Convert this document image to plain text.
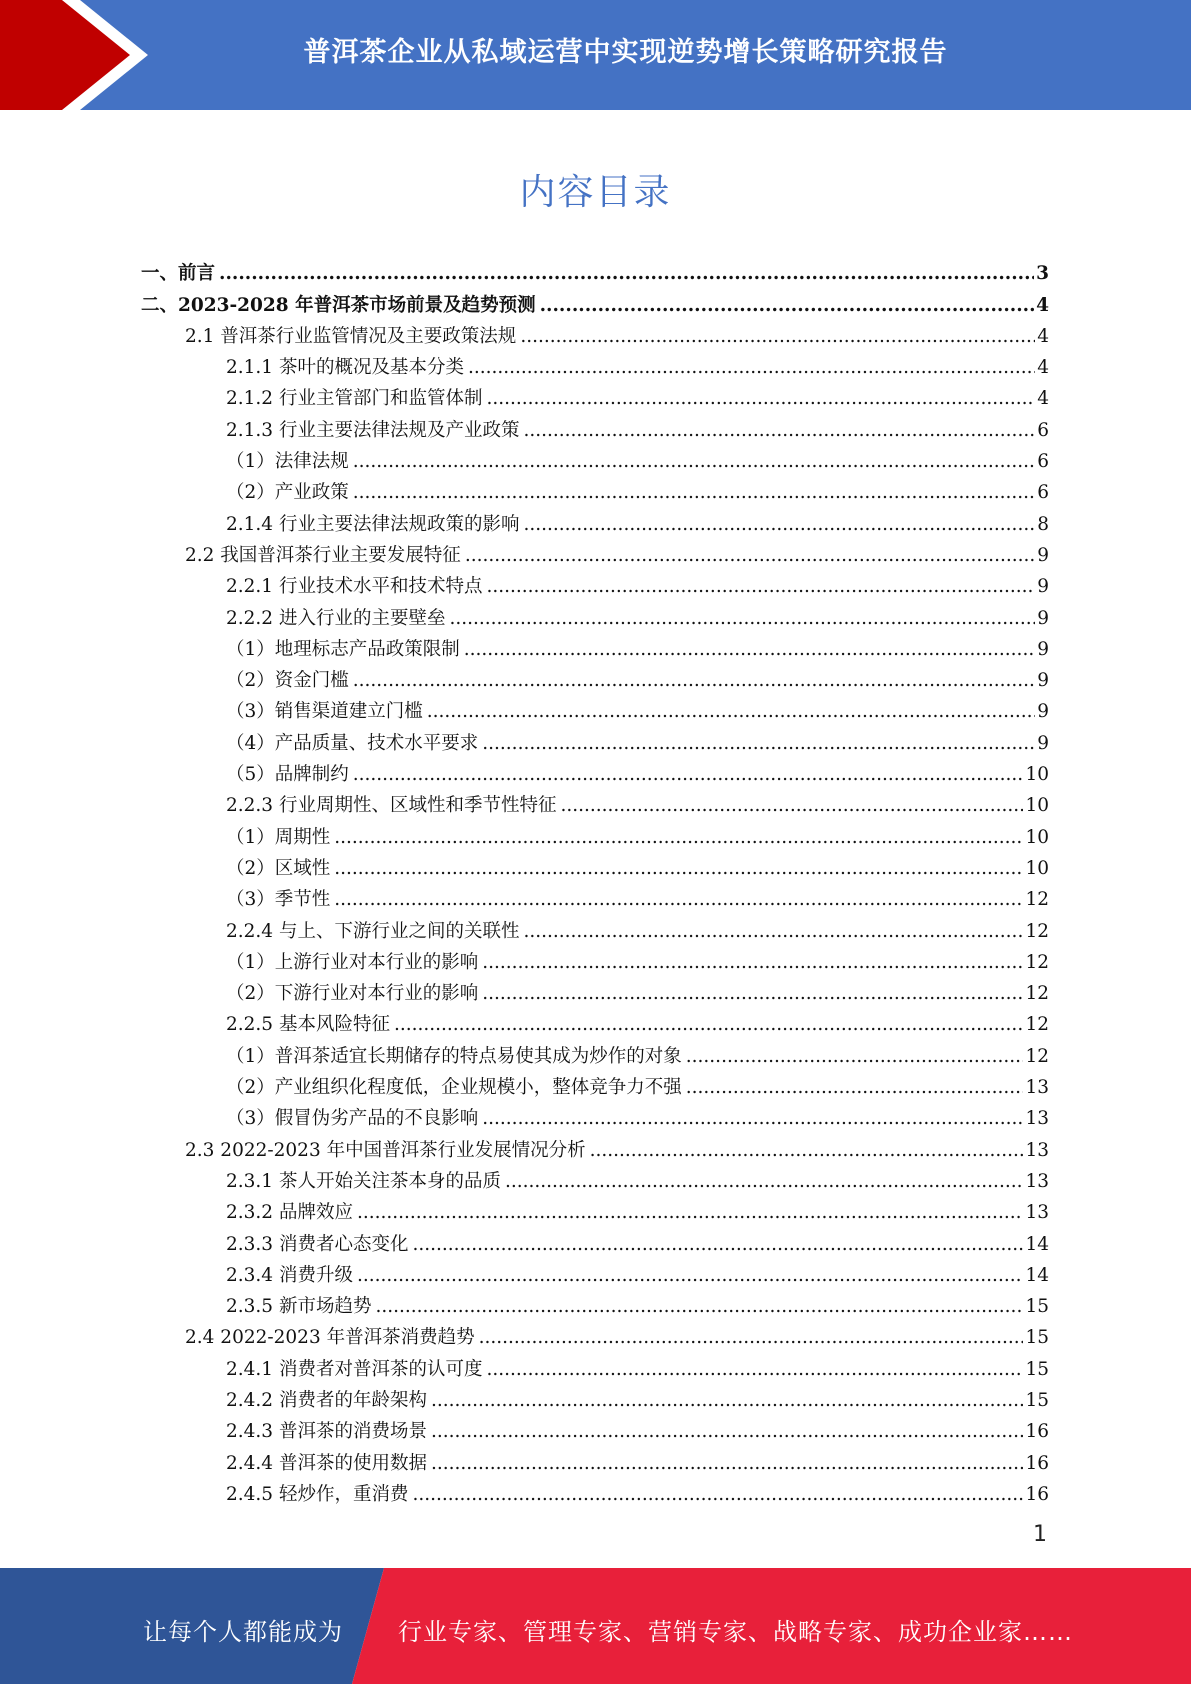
普洱茶企业从私域运营中实现逆势增长策略研究报告
内容目录
一、前言 .....	3
二、2023-2028 年普洱茶市场前景及趋势预测 .....	4
2.1 普洱茶行业监管情况及主要政策法规 .....	4
2.1.1 茶叶的概况及基本分类 .....	4
2.1.2 行业主管部门和监管体制 .....	4
2.1.3 行业主要法律法规及产业政策 .....	6
（1）法律法规 .....	6
（2）产业政策 .....	6
2.1.4 行业主要法律法规政策的影响 .....	8
2.2 我国普洱茶行业主要发展特征 .....	9
2.2.1 行业技术水平和技术特点 .....	9
2.2.2 进入行业的主要壁垒 .....	9
（1）地理标志产品政策限制 .....	9
（2）资金门槛 .....	9
（3）销售渠道建立门槛 .....	9
（4）产品质量、技术水平要求 .....	9
（5）品牌制约 .....	10
2.2.3 行业周期性、区域性和季节性特征 .....	10
（1）周期性 .....	10
（2）区域性 .....	10
（3）季节性 .....	12
2.2.4 与上、下游行业之间的关联性 .....	12
（1）上游行业对本行业的影响 .....	12
（2）下游行业对本行业的影响 .....	12
2.2.5 基本风险特征 .....	12
（1）普洱茶适宜长期储存的特点易使其成为炒作的对象 .....	12
（2）产业组织化程度低，企业规模小，整体竞争力不强 .....	13
（3）假冒伪劣产品的不良影响 .....	13
2.3 2022-2023 年中国普洱茶行业发展情况分析 .....	13
2.3.1 茶人开始关注茶本身的品质 .....	13
2.3.2 品牌效应 .....	13
2.3.3 消费者心态变化 .....	14
2.3.4 消费升级 .....	14
2.3.5 新市场趋势 .....	15
2.4 2022-2023 年普洱茶消费趋势 .....	15
2.4.1 消费者对普洱茶的认可度 .....	15
2.4.2 消费者的年龄架构 .....	15
2.4.3 普洱茶的消费场景 .....	16
2.4.4 普洱茶的使用数据 .....	16
2.4.5 轻炒作，重消费 .....	16
1
让每个人都能成为 行业专家、管理专家、营销专家、战略专家、成功企业家……
